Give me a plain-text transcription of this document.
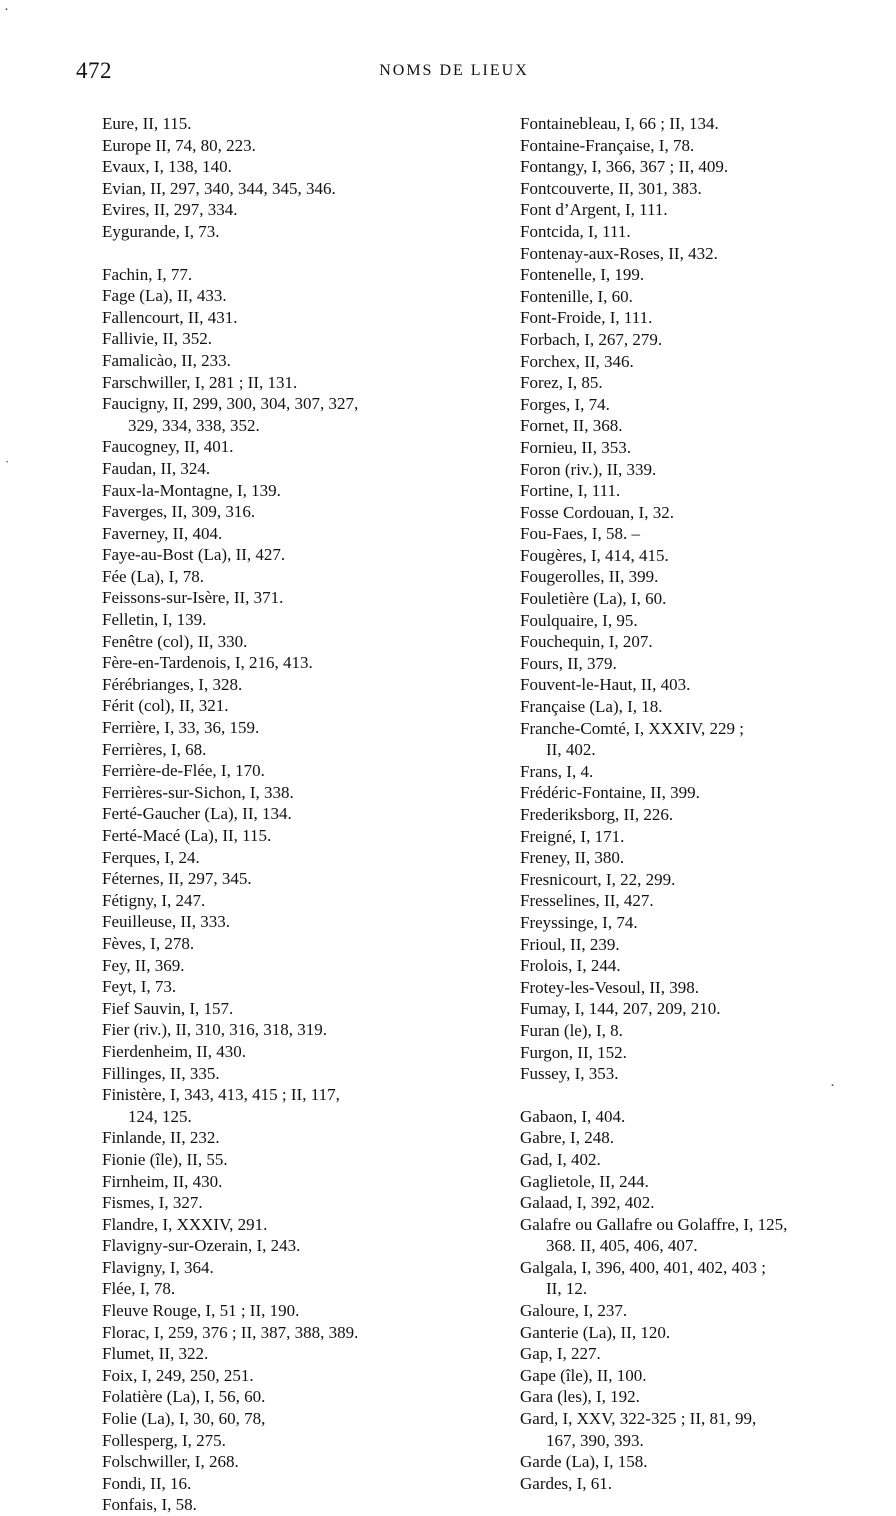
·
·
·
472	NOMS DE LIEUX
Eure, II, 115.
Europe II, 74, 80, 223.
Evaux, I, 138, 140.
Evian, II, 297, 340, 344, 345, 346.
Evires, II, 297, 334.
Eygurande, I, 73.
Fachin, I, 77.
Fage (La), II, 433.
Fallencourt, II, 431.
Fallivie, II, 352.
Famalicào, II, 233.
Farschwiller, I, 281 ; II, 131.
Faucigny, II, 299, 300, 304, 307, 327,
329, 334, 338, 352.
Faucogney, II, 401.
Faudan, II, 324.
Faux-la-Montagne, I, 139.
Faverges, II, 309, 316.
Faverney, II, 404.
Faye-au-Bost (La), II, 427.
Fée (La), I, 78.
Feissons-sur-Isère, II, 371.
Felletin, I, 139.
Fenêtre (col), II, 330.
Fère-en-Tardenois, I, 216, 413.
Férébrianges, I, 328.
Férit (col), II, 321.
Ferrière, I, 33, 36, 159.
Ferrières, I, 68.
Ferrière-de-Flée, I, 170.
Ferrières-sur-Sichon, I, 338.
Ferté-Gaucher (La), II, 134.
Ferté-Macé (La), II, 115.
Ferques, I, 24.
Féternes, II, 297, 345.
Fétigny, I, 247.
Feuilleuse, II, 333.
Fèves, I, 278.
Fey, II, 369.
Feyt, I, 73.
Fief Sauvin, I, 157.
Fier (riv.), II, 310, 316, 318, 319.
Fierdenheim, II, 430.
Fillinges, II, 335.
Finistère, I, 343, 413, 415 ; II, 117,
124, 125.
Finlande, II, 232.
Fionie (île), II, 55.
Firnheim, II, 430.
Fismes, I, 327.
Flandre, I, XXXIV, 291.
Flavigny-sur-Ozerain, I, 243.
Flavigny, I, 364.
Flée, I, 78.
Fleuve Rouge, I, 51 ; II, 190.
Florac, I, 259, 376 ; II, 387, 388, 389.
Flumet, II, 322.
Foix, I, 249, 250, 251.
Folatière (La), I, 56, 60.
Folie (La), I, 30, 60, 78,
Follesperg, I, 275.
Folschwiller, I, 268.
Fondi, II, 16.
Fonfais, I, 58.
Fontainebleau, I, 66 ; II, 134.
Fontaine-Française, I, 78.
Fontangy, I, 366, 367 ; II, 409.
Fontcouverte, II, 301, 383.
Font d’Argent, I, 111.
Fontcida, I, 111.
Fontenay-aux-Roses, II, 432.
Fontenelle, I, 199.
Fontenille, I, 60.
Font-Froide, I, 111.
Forbach, I, 267, 279.
Forchex, II, 346.
Forez, I, 85.
Forges, I, 74.
Fornet, II, 368.
Fornieu, II, 353.
Foron (riv.), II, 339.
Fortine, I, 111.
Fosse Cordouan, I, 32.
Fou-Faes, I, 58. –
Fougères, I, 414, 415.
Fougerolles, II, 399.
Fouletière (La), I, 60.
Foulquaire, I, 95.
Fouchequin, I, 207.
Fours, II, 379.
Fouvent-le-Haut, II, 403.
Française (La), I, 18.
Franche-Comté, I, XXXIV, 229 ;
II, 402.
Frans, I, 4.
Frédéric-Fontaine, II, 399.
Frederiksborg, II, 226.
Freigné, I, 171.
Freney, II, 380.
Fresnicourt, I, 22, 299.
Fresselines, II, 427.
Freyssinge, I, 74.
Frioul, II, 239.
Frolois, I, 244.
Frotey-les-Vesoul, II, 398.
Fumay, I, 144, 207, 209, 210.
Furan (le), I, 8.
Furgon, II, 152.
Fussey, I, 353.
Gabaon, I, 404.
Gabre, I, 248.
Gad, I, 402.
Gaglietole, II, 244.
Galaad, I, 392, 402.
Galafre ou Gallafre ou Golaffre, I, 125,
368. II, 405, 406, 407.
Galgala, I, 396, 400, 401, 402, 403 ;
II, 12.
Galoure, I, 237.
Ganterie (La), II, 120.
Gap, I, 227.
Gape (île), II, 100.
Gara (les), I, 192.
Gard, I, XXV, 322-325 ; II, 81, 99,
167, 390, 393.
Garde (La), I, 158.
Gardes, I, 61.
